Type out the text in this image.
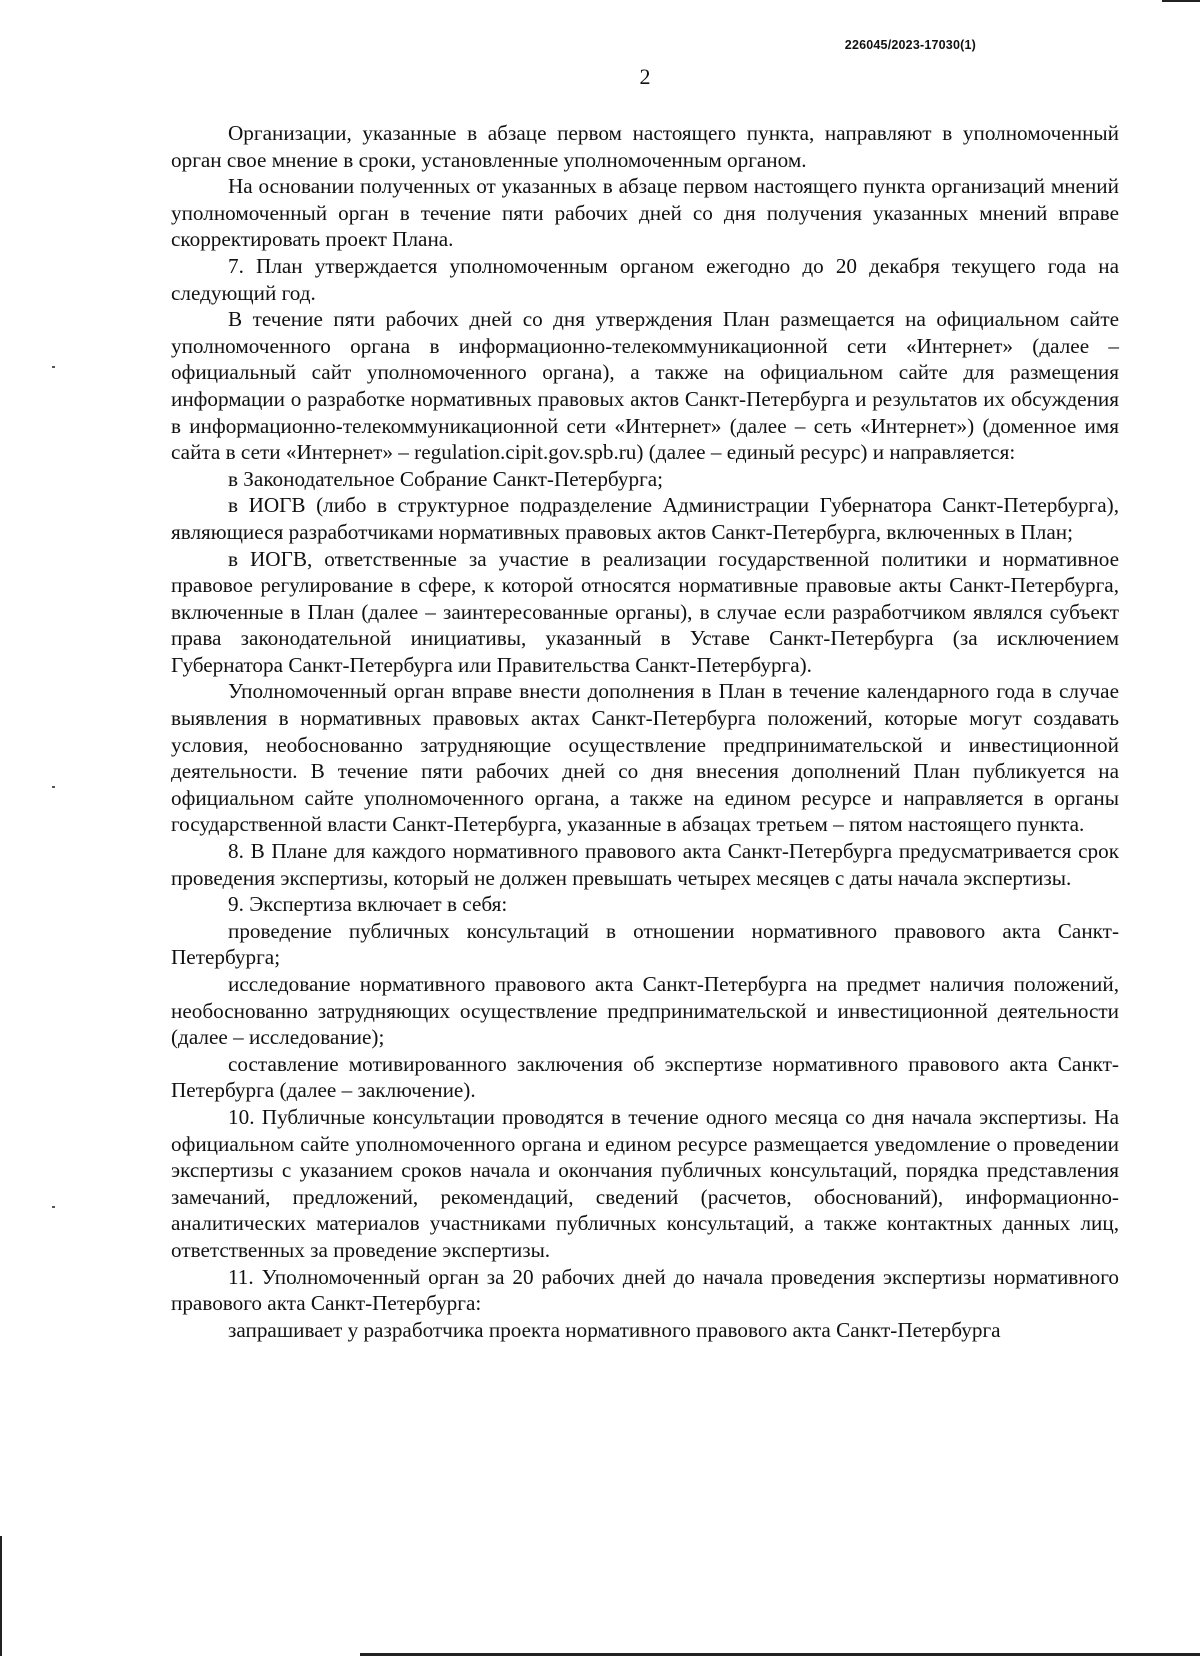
226045/2023-17030(1)
2

Организации, указанные в абзаце первом настоящего пункта, направляют в уполномоченный орган свое мнение в сроки, установленные уполномоченным органом.

На основании полученных от указанных в абзаце первом настоящего пункта организаций мнений уполномоченный орган в течение пяти рабочих дней со дня получения указанных мнений вправе скорректировать проект Плана.

7. План утверждается уполномоченным органом ежегодно до 20 декабря текущего года на следующий год.

В течение пяти рабочих дней со дня утверждения План размещается на официальном сайте уполномоченного органа в информационно-телекоммуникационной сети «Интернет» (далее – официальный сайт уполномоченного органа), а также на официальном сайте для размещения информации о разработке нормативных правовых актов Санкт-Петербурга и результатов их обсуждения в информационно-телекоммуникационной сети «Интернет» (далее – сеть «Интернет») (доменное имя сайта в сети «Интернет» – regulation.cipit.gov.spb.ru) (далее – единый ресурс) и направляется:

в Законодательное Собрание Санкт-Петербурга;

в ИОГВ (либо в структурное подразделение Администрации Губернатора Санкт-Петербурга), являющиеся разработчиками нормативных правовых актов Санкт-Петербурга, включенных в План;

в ИОГВ, ответственные за участие в реализации государственной политики и нормативное правовое регулирование в сфере, к которой относятся нормативные правовые акты Санкт-Петербурга, включенные в План (далее – заинтересованные органы), в случае если разработчиком являлся субъект права законодательной инициативы, указанный в Уставе Санкт-Петербурга (за исключением Губернатора Санкт-Петербурга или Правительства Санкт-Петербурга).

Уполномоченный орган вправе внести дополнения в План в течение календарного года в случае выявления в нормативных правовых актах Санкт-Петербурга положений, которые могут создавать условия, необоснованно затрудняющие осуществление предпринимательской и инвестиционной деятельности. В течение пяти рабочих дней со дня внесения дополнений План публикуется на официальном сайте уполномоченного органа, а также на едином ресурсе и направляется в органы государственной власти Санкт-Петербурга, указанные в абзацах третьем – пятом настоящего пункта.

8. В Плане для каждого нормативного правового акта Санкт-Петербурга предусматривается срок проведения экспертизы, который не должен превышать четырех месяцев с даты начала экспертизы.

9. Экспертиза включает в себя:

проведение публичных консультаций в отношении нормативного правового акта Санкт-Петербурга;

исследование нормативного правового акта Санкт-Петербурга на предмет наличия положений, необоснованно затрудняющих осуществление предпринимательской и инвестиционной деятельности (далее – исследование);

составление мотивированного заключения об экспертизе нормативного правового акта Санкт-Петербурга (далее – заключение).

10. Публичные консультации проводятся в течение одного месяца со дня начала экспертизы. На официальном сайте уполномоченного органа и едином ресурсе размещается уведомление о проведении экспертизы с указанием сроков начала и окончания публичных консультаций, порядка представления замечаний, предложений, рекомендаций, сведений (расчетов, обоснований), информационно-аналитических материалов участниками публичных консультаций, а также контактных данных лиц, ответственных за проведение экспертизы.

11. Уполномоченный орган за 20 рабочих дней до начала проведения экспертизы нормативного правового акта Санкт-Петербурга:

запрашивает у разработчика проекта нормативного правового акта Санкт-Петербурга
